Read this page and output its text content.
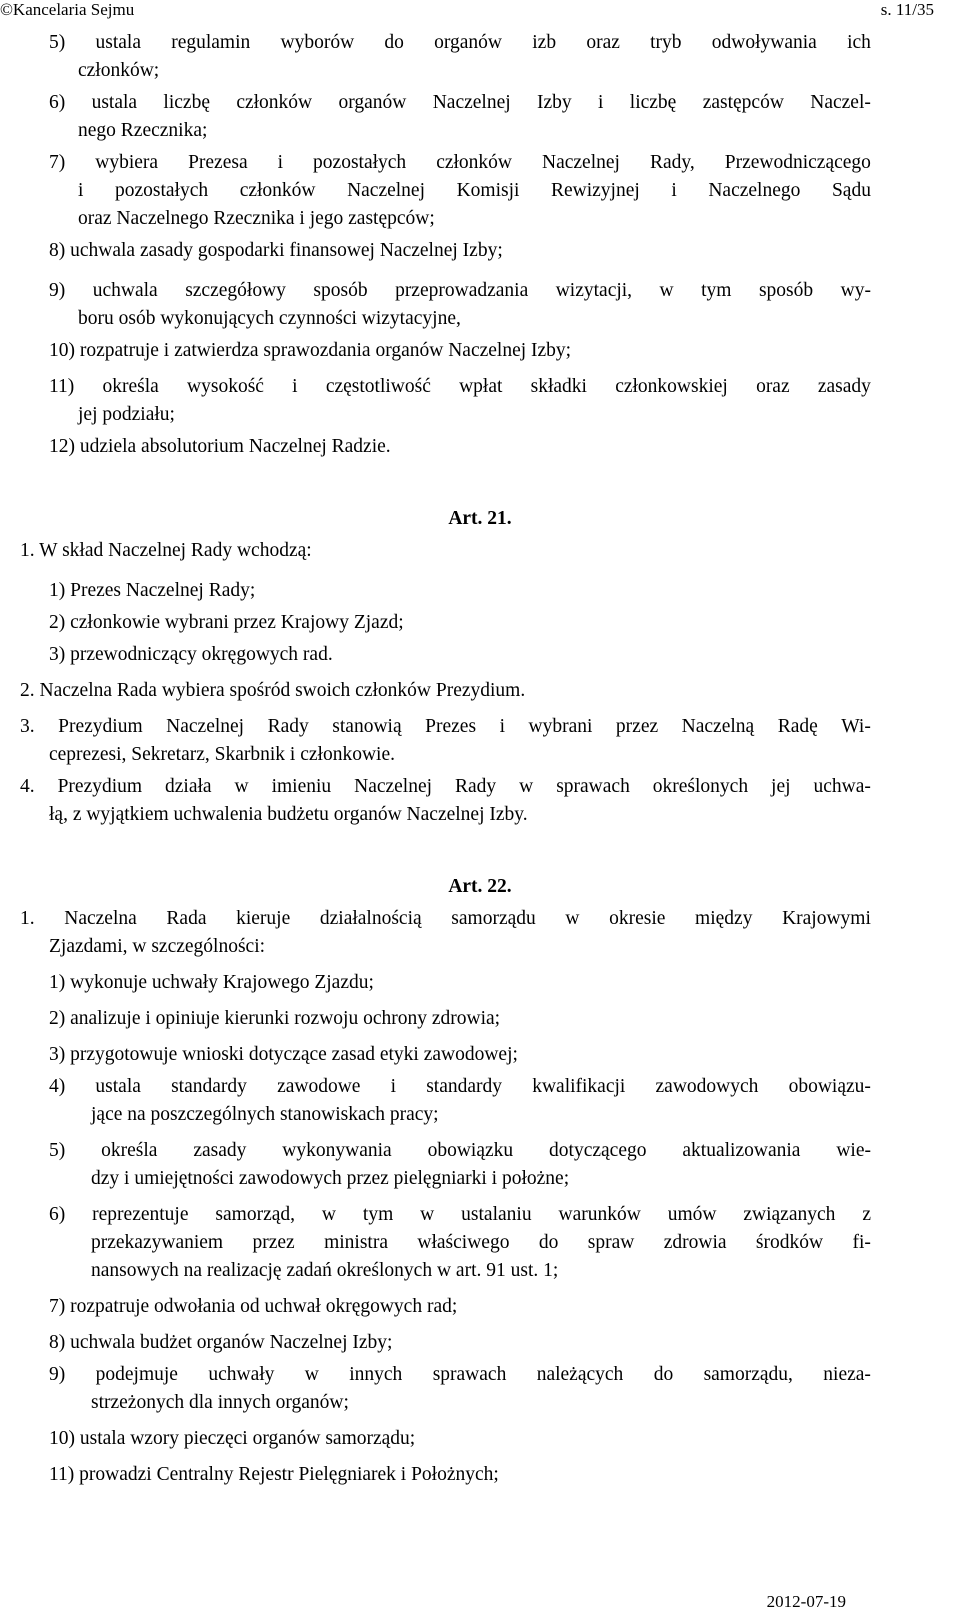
©Kancelaria Sejmu	s. 11/35
5) ustala regulamin wyborów do organów izb oraz tryb odwoływania ich
członków;
6) ustala liczbę członków organów Naczelnej Izby i liczbę zastępców Naczel-
nego Rzecznika;
7) wybiera Prezesa i pozostałych członków Naczelnej Rady, Przewodniczącego
i pozostałych członków Naczelnej Komisji Rewizyjnej i Naczelnego Sądu
oraz Naczelnego Rzecznika i jego zastępców;
8) uchwala zasady gospodarki finansowej Naczelnej Izby;
9) uchwala szczegółowy sposób przeprowadzania wizytacji, w tym sposób wy-
boru osób wykonujących czynności wizytacyjne,
10) rozpatruje i zatwierdza sprawozdania organów Naczelnej Izby;
11) określa wysokość i częstotliwość wpłat składki członkowskiej oraz zasady
jej podziału;
12) udziela absolutorium Naczelnej Radzie.
Art. 21.
1. W skład Naczelnej Rady wchodzą:
1) Prezes Naczelnej Rady;
2) członkowie wybrani przez Krajowy Zjazd;
3) przewodniczący okręgowych rad.
2. Naczelna Rada wybiera spośród swoich członków Prezydium.
3. Prezydium Naczelnej Rady stanowią Prezes i wybrani przez Naczelną Radę Wi-
ceprezesi, Sekretarz, Skarbnik i członkowie.
4. Prezydium działa w imieniu Naczelnej Rady w sprawach określonych jej uchwa-
łą, z wyjątkiem uchwalenia budżetu organów Naczelnej Izby.
Art. 22.
1. Naczelna Rada kieruje działalnością samorządu w okresie między Krajowymi
Zjazdami, w szczególności:
1) wykonuje uchwały Krajowego Zjazdu;
2) analizuje i opiniuje kierunki rozwoju ochrony zdrowia;
3) przygotowuje wnioski dotyczące zasad etyki zawodowej;
4) ustala standardy zawodowe i standardy kwalifikacji zawodowych obowiązu-
jące na poszczególnych stanowiskach pracy;
5) określa zasady wykonywania obowiązku dotyczącego aktualizowania wie-
dzy i umiejętności zawodowych przez pielęgniarki i położne;
6) reprezentuje samorząd, w tym w ustalaniu warunków umów związanych z
przekazywaniem przez ministra właściwego do spraw zdrowia środków fi-
nansowych na realizację zadań określonych w art. 91 ust. 1;
7) rozpatruje odwołania od uchwał okręgowych rad;
8) uchwala budżet organów Naczelnej Izby;
9) podejmuje uchwały w innych sprawach należących do samorządu, nieza-
strzeżonych dla innych organów;
10) ustala wzory pieczęci organów samorządu;
11) prowadzi Centralny Rejestr Pielęgniarek i Położnych;
2012-07-19
